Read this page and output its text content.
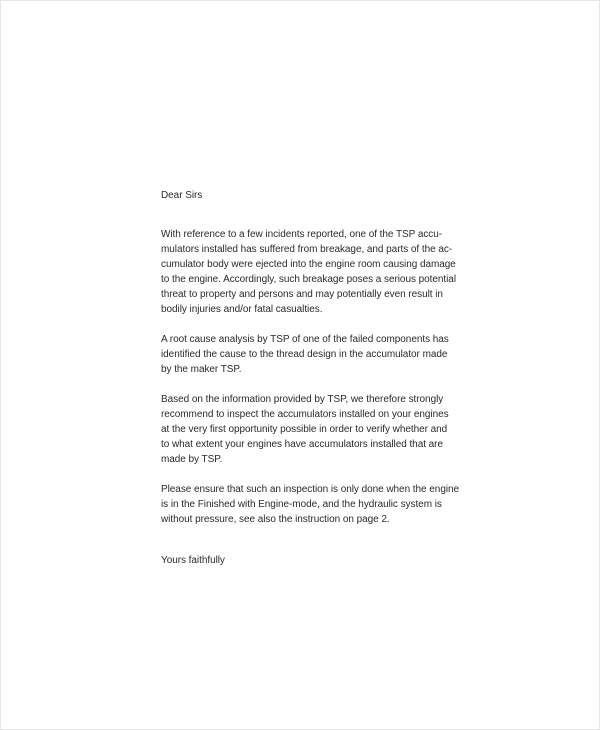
Dear Sirs
With reference to a few incidents reported, one of the TSP accu-
mulators installed has suffered from breakage, and parts of the ac-
cumulator body were ejected into the engine room causing damage
to the engine. Accordingly, such breakage poses a serious potential
threat to property and persons and may potentially even result in
bodily injuries and/or fatal casualties.
A root cause analysis by TSP of one of the failed components has
identified the cause to the thread design in the accumulator made
by the maker TSP.
Based on the information provided by TSP, we therefore strongly
recommend to inspect the accumulators installed on your engines
at the very first opportunity possible in order to verify whether and
to what extent your engines have accumulators installed that are
made by TSP.
Please ensure that such an inspection is only done when the engine
is in the Finished with Engine-mode, and the hydraulic system is
without pressure, see also the instruction on page 2.
Yours faithfully
